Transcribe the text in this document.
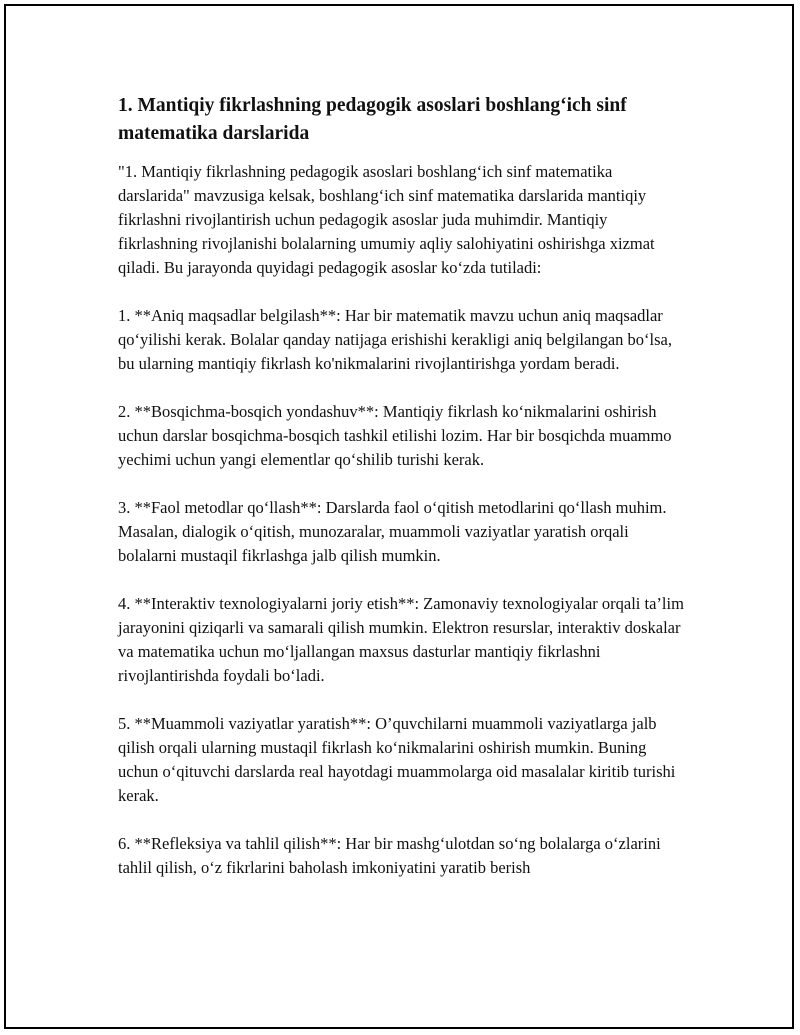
1. Mantiqiy fikrlashning pedagogik asoslari boshlang‘ich sinf matematika darslarida

"1. Mantiqiy fikrlashning pedagogik asoslari boshlang‘ich sinf matematika darslarida" mavzusiga kelsak, boshlang‘ich sinf matematika darslarida mantiqiy fikrlashni rivojlantirish uchun pedagogik asoslar juda muhimdir. Mantiqiy fikrlashning rivojlanishi bolalarning umumiy aqliy salohiyatini oshirishga xizmat qiladi. Bu jarayonda quyidagi pedagogik asoslar ko‘zda tutiladi:

1. **Aniq maqsadlar belgilash**: Har bir matematik mavzu uchun aniq maqsadlar qo‘yilishi kerak. Bolalar qanday natijaga erishishi kerakligi aniq belgilangan bo‘lsa, bu ularning mantiqiy fikrlash ko'nikmalarini rivojlantirishga yordam beradi.

2. **Bosqichma-bosqich yondashuv**: Mantiqiy fikrlash ko‘nikmalarini oshirish uchun darslar bosqichma-bosqich tashkil etilishi lozim. Har bir bosqichda muammo yechimi uchun yangi elementlar qo‘shilib turishi kerak.

3. **Faol metodlar qo‘llash**: Darslarda faol o‘qitish metodlarini qo‘llash muhim. Masalan, dialogik o‘qitish, munozaralar, muammoli vaziyatlar yaratish orqali bolalarni mustaqil fikrlashga jalb qilish mumkin.

4. **Interaktiv texnologiyalarni joriy etish**: Zamonaviy texnologiyalar orqali ta’lim jarayonini qiziqarli va samarali qilish mumkin. Elektron resurslar, interaktiv doskalar va matematika uchun mo‘ljallangan maxsus dasturlar mantiqiy fikrlashni rivojlantirishda foydali bo‘ladi.

5. **Muammoli vaziyatlar yaratish**: O’quvchilarni muammoli vaziyatlarga jalb qilish orqali ularning mustaqil fikrlash ko‘nikmalarini oshirish mumkin. Buning uchun o‘qituvchi darslarda real hayotdagi muammolarga oid masalalar kiritib turishi kerak.

6. **Refleksiya va tahlil qilish**: Har bir mashg‘ulotdan so‘ng bolalarga o‘zlarini tahlil qilish, o‘z fikrlarini baholash imkoniyatini yaratib berish
